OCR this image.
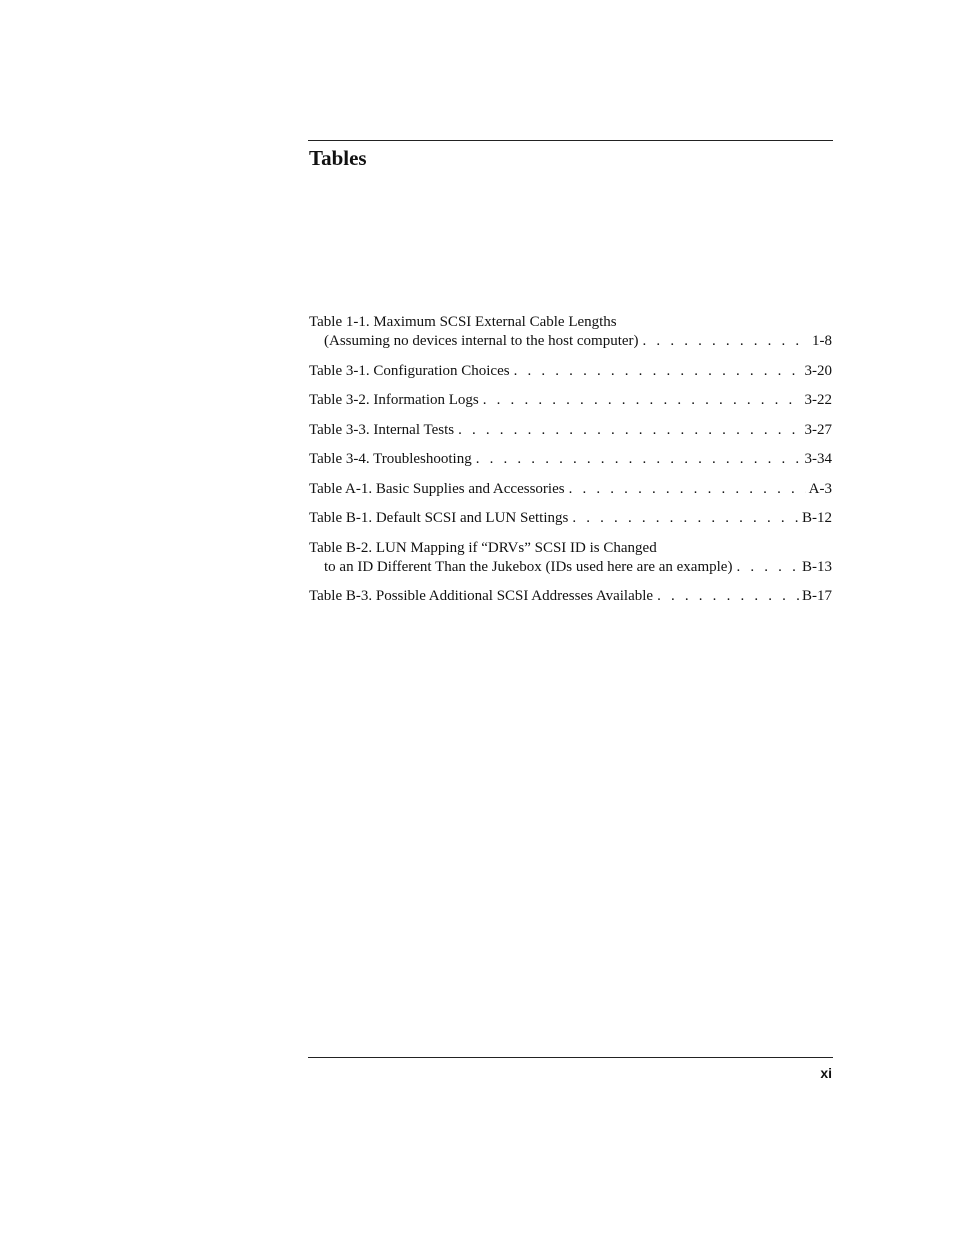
Tables
Table 1-1. Maximum SCSI External Cable Lengths
(Assuming no devices internal to the host computer) . . .	1-8
Table 3-1. Configuration Choices . . .	3-20
Table 3-2. Information Logs . . .	3-22
Table 3-3. Internal Tests . . .	3-27
Table 3-4. Troubleshooting . . .	3-34
Table A-1. Basic Supplies and Accessories . . .	A-3
Table B-1. Default SCSI and LUN Settings . . .	B-12
Table B-2. LUN Mapping if “DRVs” SCSI ID is Changed
to an ID Different Than the Jukebox (IDs used here are an example) . . .	B-13
Table B-3. Possible Additional SCSI Addresses Available . . .	B-17
xi
